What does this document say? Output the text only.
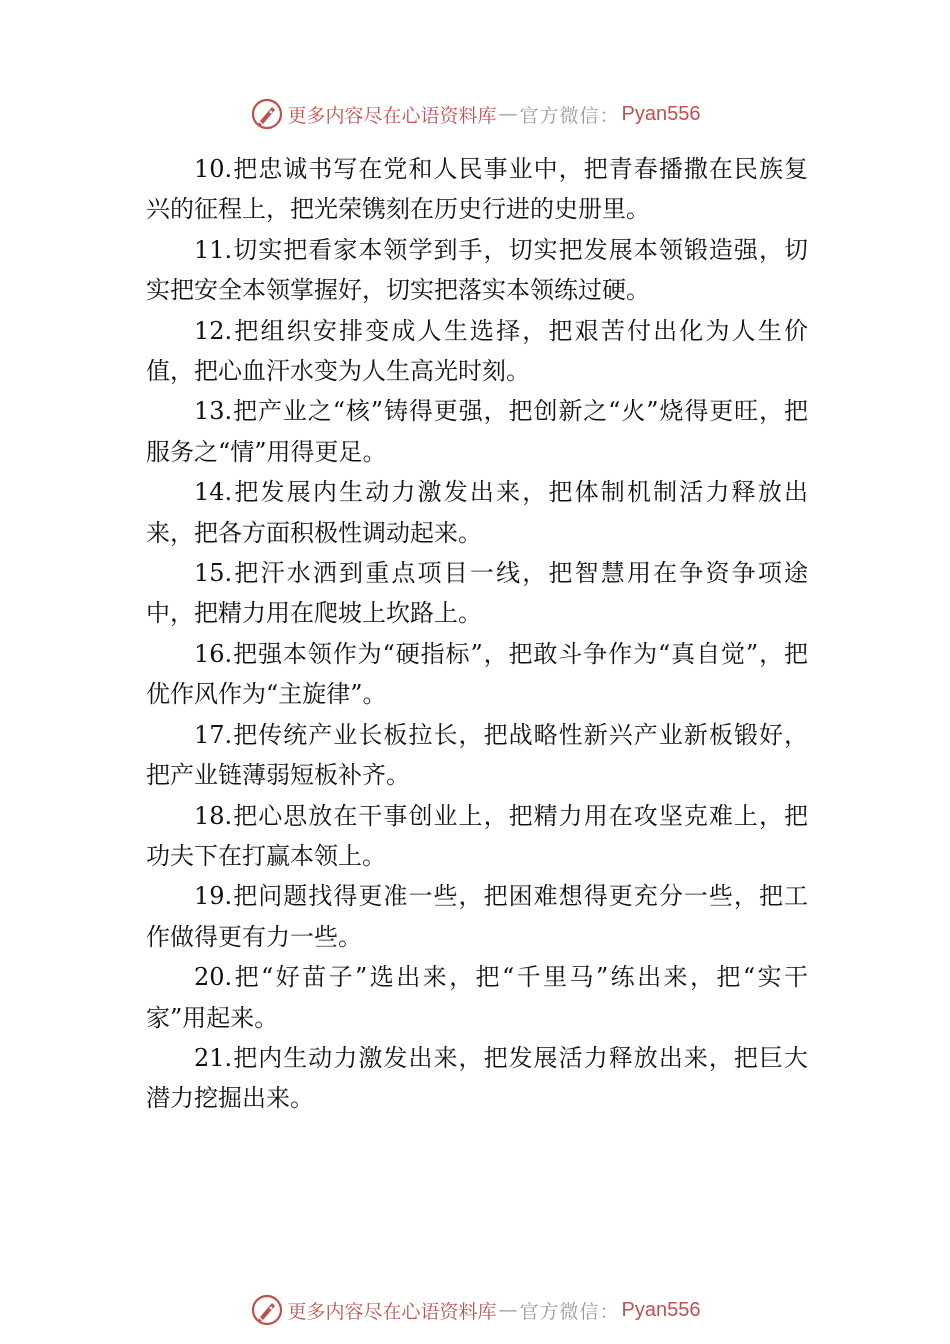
更多内容尽在心语资料库 — 官方微信： Pyan556

10.把忠诚书写在党和人民事业中，把青春播撒在民族复兴的征程上，把光荣镌刻在历史行进的史册里。

11.切实把看家本领学到手，切实把发展本领锻造强，切实把安全本领掌握好，切实把落实本领练过硬。

12.把组织安排变成人生选择，把艰苦付出化为人生价值，把心血汗水变为人生高光时刻。

13.把产业之“核”铸得更强，把创新之“火”烧得更旺，把服务之“情”用得更足。

14.把发展内生动力激发出来，把体制机制活力释放出来，把各方面积极性调动起来。

15.把汗水洒到重点项目一线，把智慧用在争资争项途中，把精力用在爬坡上坎路上。

16.把强本领作为“硬指标”，把敢斗争作为“真自觉”，把优作风作为“主旋律”。

17.把传统产业长板拉长，把战略性新兴产业新板锻好，把产业链薄弱短板补齐。

18.把心思放在干事创业上，把精力用在攻坚克难上，把功夫下在打赢本领上。

19.把问题找得更准一些，把困难想得更充分一些，把工作做得更有力一些。

20.把“好苗子”选出来，把“千里马”练出来，把“实干家”用起来。

21.把内生动力激发出来，把发展活力释放出来，把巨大潜力挖掘出来。

更多内容尽在心语资料库 — 官方微信： Pyan556
